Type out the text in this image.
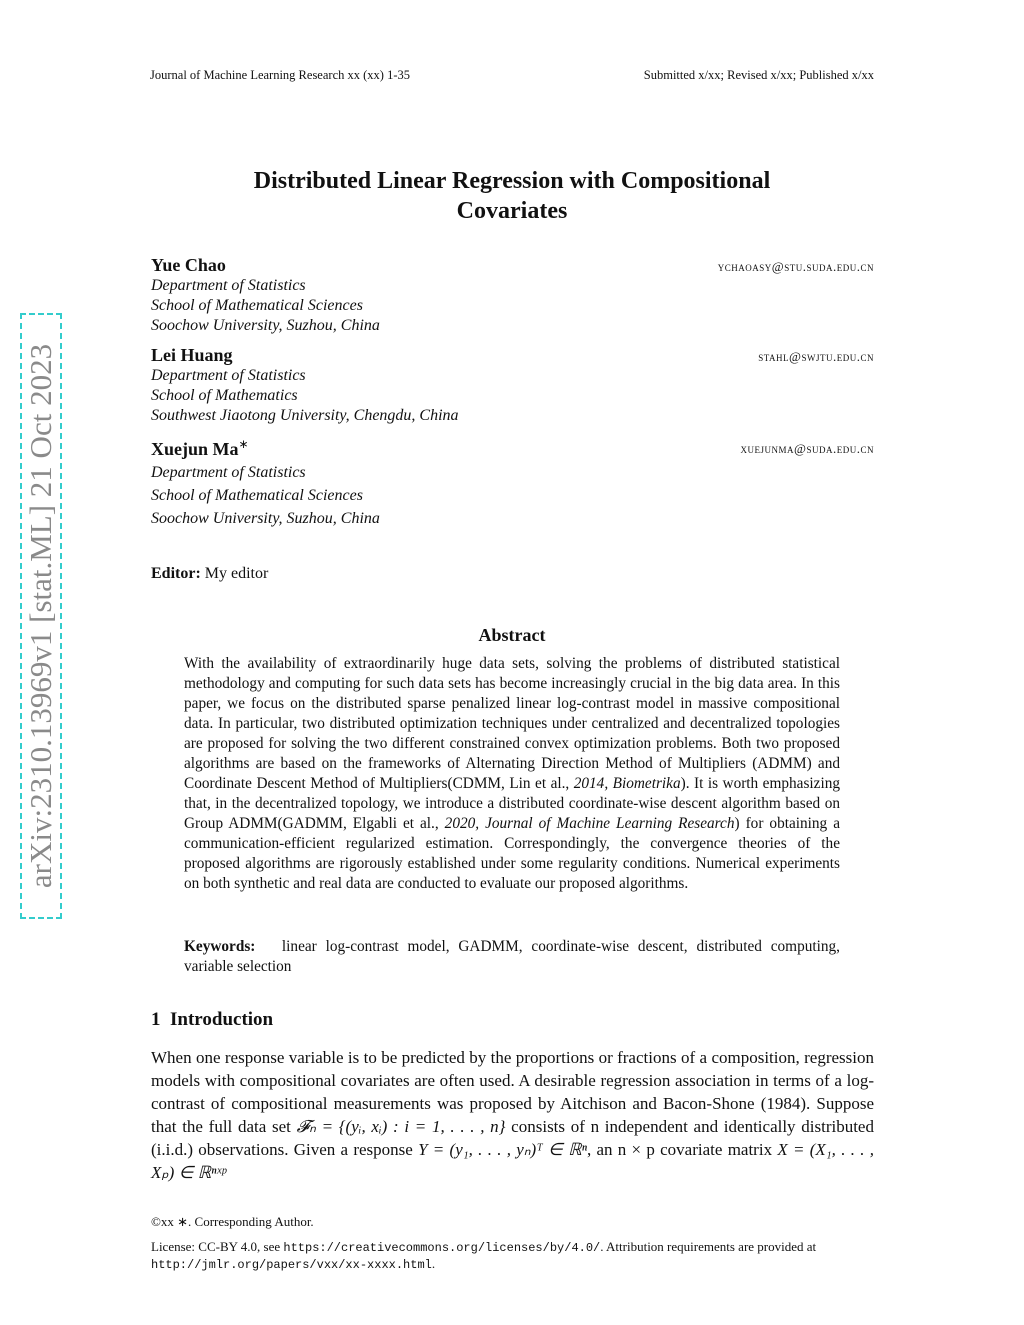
Journal of Machine Learning Research xx (xx) 1-35	Submitted x/xx; Revised x/xx; Published x/xx
arXiv:2310.13969v1 [stat.ML] 21 Oct 2023
Distributed Linear Regression with Compositional
Covariates
Yue Chao	ychaoasy@stu.suda.edu.cn
Department of Statistics
School of Mathematical Sciences
Soochow University, Suzhou, China
Lei Huang	stahl@swjtu.edu.cn
Department of Statistics
School of Mathematics
Southwest Jiaotong University, Chengdu, China
Xuejun Ma∗	xuejunma@suda.edu.cn
Department of Statistics
School of Mathematical Sciences
Soochow University, Suzhou, China
Editor: My editor
Abstract
With the availability of extraordinarily huge data sets, solving the problems of distributed statistical methodology and computing for such data sets has become increasingly crucial in the big data area. In this paper, we focus on the distributed sparse penalized linear log-contrast model in massive compositional data. In particular, two distributed optimization techniques under centralized and decentralized topologies are proposed for solving the two different constrained convex optimization problems. Both two proposed algorithms are based on the frameworks of Alternating Direction Method of Multipliers (ADMM) and Coordinate Descent Method of Multipliers(CDMM, Lin et al., 2014, Biometrika). It is worth emphasizing that, in the decentralized topology, we introduce a distributed coordinate-wise descent algorithm based on Group ADMM(GADMM, Elgabli et al., 2020, Journal of Machine Learning Research) for obtaining a communication-efficient regularized estimation. Correspondingly, the convergence theories of the proposed algorithms are rigorously established under some regularity conditions. Numerical experiments on both synthetic and real data are conducted to evaluate our proposed algorithms.
Keywords: linear log-contrast model, GADMM, coordinate-wise descent, distributed computing, variable selection
1 Introduction
When one response variable is to be predicted by the proportions or fractions of a composition, regression models with compositional covariates are often used. A desirable regression association in terms of a log-contrast of compositional measurements was proposed by Aitchison and Bacon-Shone (1984). Suppose that the full data set 𝓕ₙ = {(yᵢ, xᵢ) : i = 1, . . . , n} consists of n independent and identically distributed (i.i.d.) observations. Given a response Y = (y₁, . . . , yₙ)ᵀ ∈ ℝⁿ, an n × p covariate matrix X = (X₁, . . . , Xₚ) ∈ ℝⁿˣᵖ
©xx ∗. Corresponding Author.
License: CC-BY 4.0, see https://creativecommons.org/licenses/by/4.0/. Attribution requirements are provided at http://jmlr.org/papers/vxx/xx-xxxx.html.
